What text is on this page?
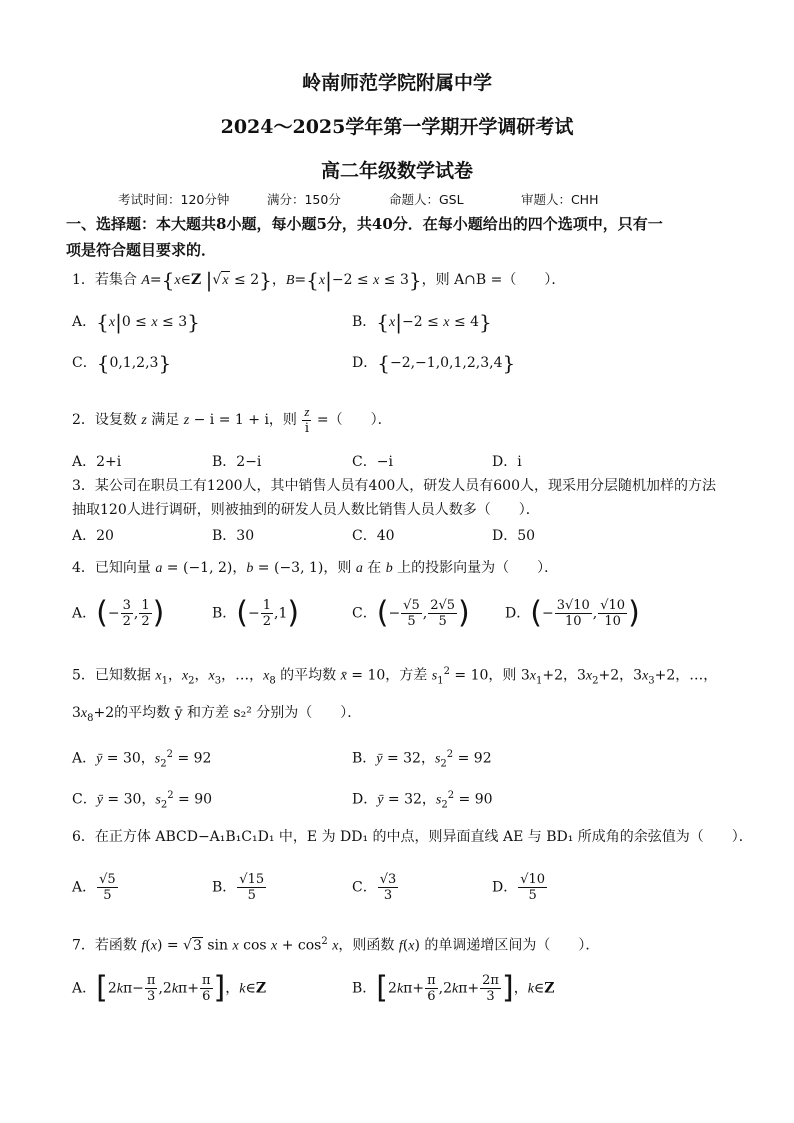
岭南师范学院附属中学
2024～2025学年第一学期开学调研考试
高二年级数学试卷
考试时间：120分钟	满分：150分	命题人：GSL	审题人：CHH
一、选择题：本大题共8小题，每小题5分，共40分．在每小题给出的四个选项中，只有一
项是符合题目要求的．
1．若集合 A={x∈Z |√x ≤ 2}，B={x|−2 ≤ x ≤ 3}，则 A∩B =（　　）．
A．{x|0 ≤ x ≤ 3}	B．{x|−2 ≤ x ≤ 4}
C．{0,1,2,3}	D．{−2,−1,0,1,2,3,4}
2．设复数 z 满足 z − i = 1 + i，则 $\frac{z}{i}$ =（　　）．
A．2+i	B．2−i	C．−i	D．i
3．某公司在职员工有1200人，其中销售人员有400人，研发人员有600人，现采用分层随机加样的方法
抽取120人进行调研，则被抽到的研发人员人数比销售人员人数多（　　）．
A．20	B．30	C．40	D．50
4．已知向量 a = (−1, 2)，b = (−3, 1)，则 a 在 b 上的投影向量为（　　）．
A．(− $\frac{3}{2}$ , $\frac{1}{2}$ )	B．(− $\frac{1}{2} ,1$)	C．(− $\frac{√5}{5}$ , $\frac{2√5}{5}$ )	D．(− $\frac{3√10}{10}$ , $\frac{√10}{10}$ )
5．已知数据 $x_1$，$x_2$，$x_3$，…，$x_8$ 的平均数 x̄ = 10，方差 $s_1^2 = 10$，则 $3x_1+2$，$3x_2+2$，$3x_3+2$，…，
$3x_8+2$的平均数 ȳ 和方差 s₂² 分别为（　　）．
A．ȳ = 30，$s_2^2 = 92$	B．ȳ = 32，$s_2^2 = 92$
C．ȳ = 30，$s_2^2 = 90$	D．ȳ = 32，$s_2^2 = 90$
6．在正方体 ABCD−A₁B₁C₁D₁ 中，E 为 DD₁ 的中点，则异面直线 AE 与 BD₁ 所成角的余弦值为（　　）．
A． $\frac{√5}{5}$	B． $\frac{√15}{5}$	C． $\frac{√3}{3}$	D． $\frac{√10}{5}$
7．若函数 f(x) = √3 sin x $\cos x + \cos^2 x$，则函数 f(x) 的单调递增区间为（　　）．
A．[$2k\pi- \frac{\pi}{3} ,2k\pi+ \frac{\pi}{6}$ ]，k∈Z	B．[$2k\pi+ \frac{\pi}{6} ,2k\pi+ \frac{2\pi}{3}$ ]，k∈Z
